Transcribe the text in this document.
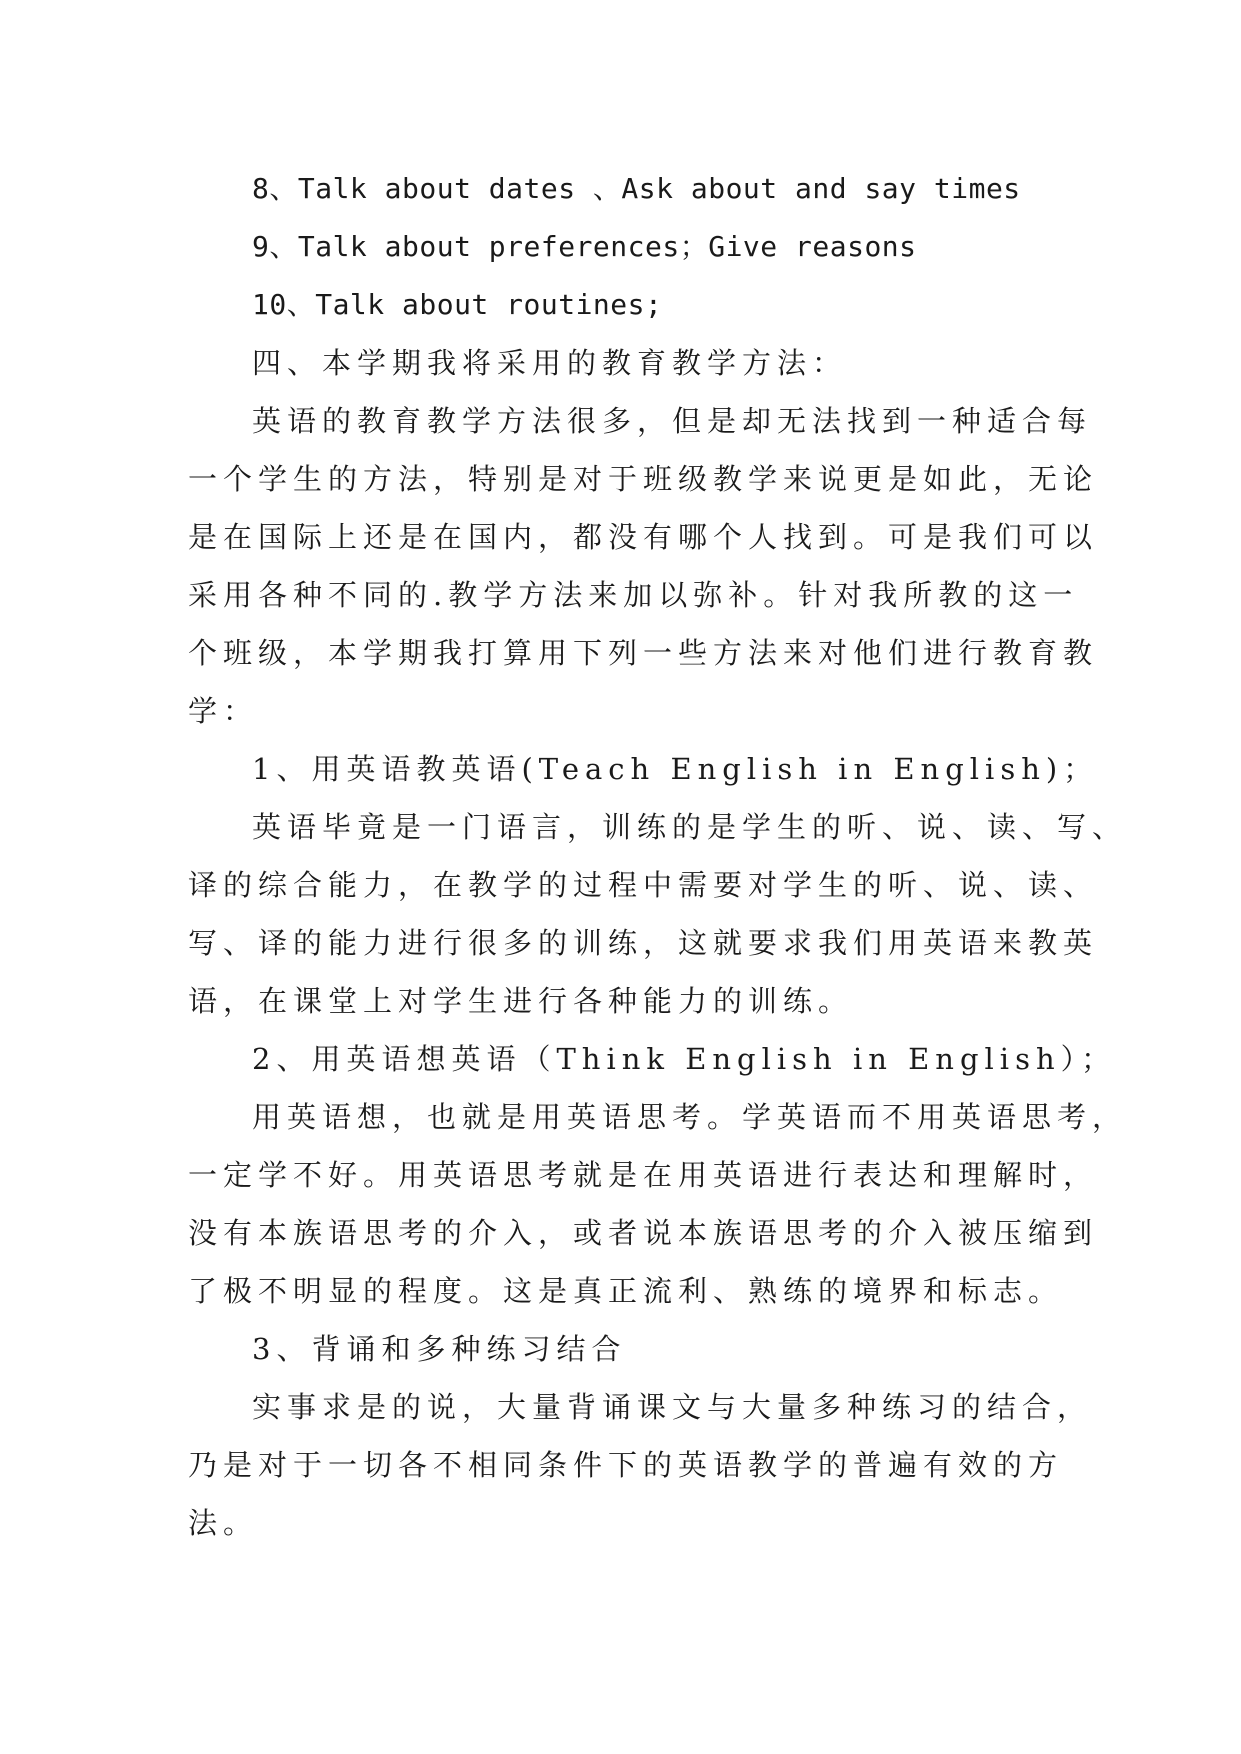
8、Talk about dates 、Ask about and say times
9、Talk about preferences；Give reasons
10、Talk about routines;
四、本学期我将采用的教育教学方法：
英语的教育教学方法很多，但是却无法找到一种适合每
一个学生的方法，特别是对于班级教学来说更是如此，无论
是在国际上还是在国内，都没有哪个人找到。可是我们可以
采用各种不同的.教学方法来加以弥补。针对我所教的这一
个班级，本学期我打算用下列一些方法来对他们进行教育教
学：
1、用英语教英语(Teach English in English)；
英语毕竟是一门语言，训练的是学生的听、说、读、写、
译的综合能力，在教学的过程中需要对学生的听、说、读、
写、译的能力进行很多的训练，这就要求我们用英语来教英
语，在课堂上对学生进行各种能力的训练。
2、用英语想英语（Think English in English）；
用英语想，也就是用英语思考。学英语而不用英语思考，
一定学不好。用英语思考就是在用英语进行表达和理解时，
没有本族语思考的介入，或者说本族语思考的介入被压缩到
了极不明显的程度。这是真正流利、熟练的境界和标志。
3、背诵和多种练习结合
实事求是的说，大量背诵课文与大量多种练习的结合，
乃是对于一切各不相同条件下的英语教学的普遍有效的方
法。
